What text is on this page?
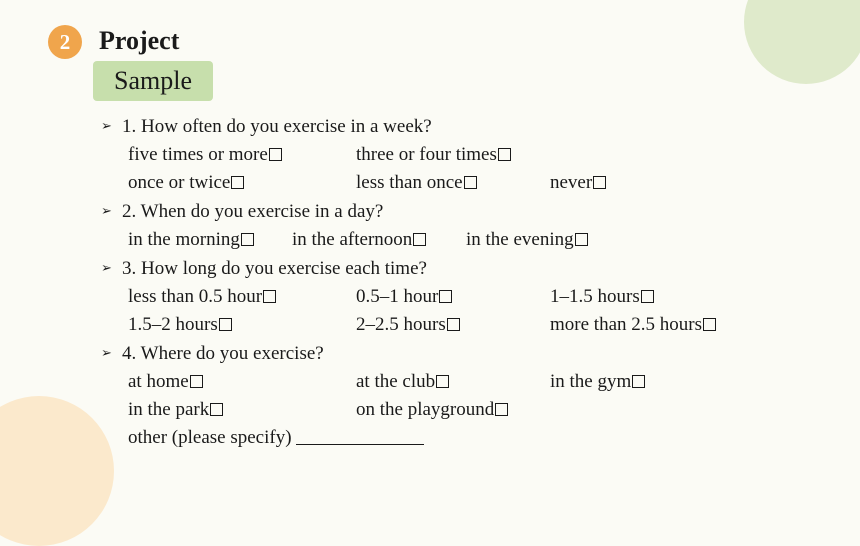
2	Project
Sample
➢ 1. How often do you exercise in a week?
five times or more	three or four times
once or twice	less than once	never
➢ 2. When do you exercise in a day?
in the morning	in the afternoon	in the evening
➢ 3. How long do you exercise each time?
less than 0.5 hour	0.5–1 hour	1–1.5 hours
1.5–2 hours	2–2.5 hours	more than 2.5 hours
➢ 4. Where do you exercise?
at home	at the club	in the gym
in the park	on the playground
other (please specify)
